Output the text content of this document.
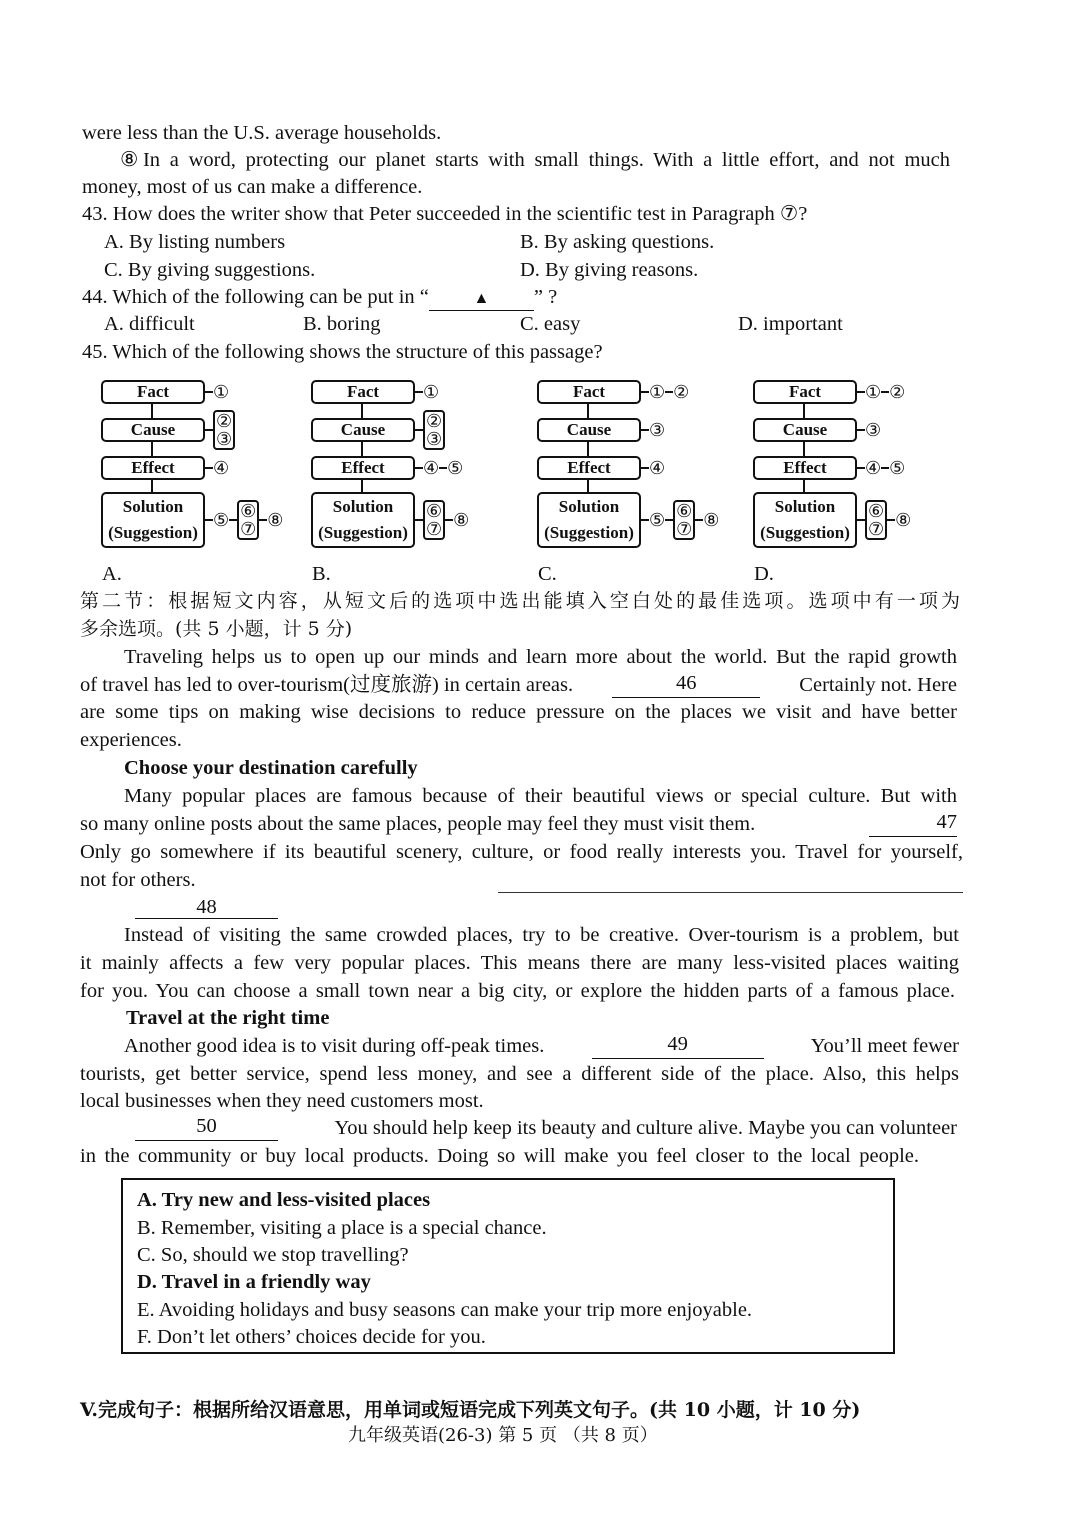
were less than the U.S. average households.
⑧In a word, protecting our planet starts with small things. With a little effort, and not much
money, most of us can make a difference.
43. How does the writer show that Peter succeeded in the scientific test in Paragraph ⑦?
A. By listing numbers	B. By asking questions.
C. By giving suggestions.	D. By giving reasons.
44. Which of the following can be put in “	▲ ” ?
A. difficult	B. boring	C. easy	D. important
45. Which of the following shows the structure of this passage?
Fact	①
Cause	②
③
Effect	④
Solution
(Suggestion)
⑤ ⑥
⑦ ⑧
A.
Fact	①
Cause	②
③
Effect	④ ⑤
Solution
(Suggestion)
⑥
⑦ ⑧
B.
Fact	① ②
Cause	③
Effect	④
Solution
(Suggestion)
⑤ ⑥
⑦ ⑧
C.
Fact	① ②
Cause	③
Effect	④ ⑤
Solution
(Suggestion)
⑥
⑦ ⑧
D.
第二节：根据短文内容，从短文后的选项中选出能填入空白处的最佳选项。选项中有一项为
多余选项。(共 5 小题，计 5 分)
Traveling helps us to open up our minds and learn more about the world. But the rapid growth
of travel has led to over-tourism(过度旅游) in certain areas.	46	Certainly not. Here
are some tips on making wise decisions to reduce pressure on the places we visit and have better
experiences.
Choose your destination carefully
Many popular places are famous because of their beautiful views or special culture. But with
so many online posts about the same places, people may feel they must visit them.	47
Only go somewhere if its beautiful scenery, culture, or food really interests you. Travel for yourself,
not for others.
48
Instead of visiting the same crowded places, try to be creative. Over-tourism is a problem, but
it mainly affects a few very popular places. This means there are many less-visited places waiting
for you. You can choose a small town near a big city, or explore the hidden parts of a famous place.
Travel at the right time
Another good idea is to visit during off-peak times.	49	You’ll meet fewer
tourists, get better service, spend less money, and see a different side of the place. Also, this helps
local businesses when they need customers most.
50	You should help keep its beauty and culture alive. Maybe you can volunteer
in the community or buy local products. Doing so will make you feel closer to the local people.
A. Try new and less-visited places
B. Remember, visiting a place is a special chance.
C. So, should we stop travelling?
D. Travel in a friendly way
E. Avoiding holidays and busy seasons can make your trip more enjoyable.
F. Don’t let others’ choices decide for you.
V.完成句子：根据所给汉语意思，用单词或短语完成下列英文句子。(共 10 小题，计 10 分)
九年级英语(26-3) 第 5 页 （共 8 页）
